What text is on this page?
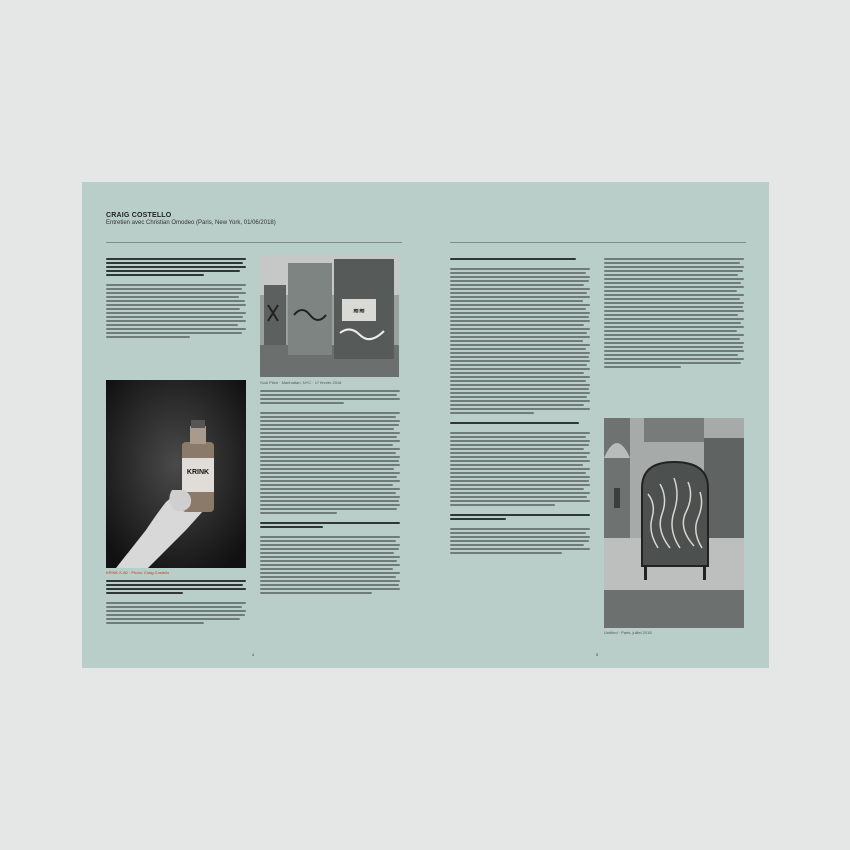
CRAIG COSTELLO
Entretien avec Christian Omodeo (Paris, New York, 01/06/2018)
≋≋
Soul Pitch · Manhattan, NYC · 17 février 2018
KRINK
KRINK K-60 · Photo: Craig Costello
4
Untitled · Paris, juillet 2018
5
